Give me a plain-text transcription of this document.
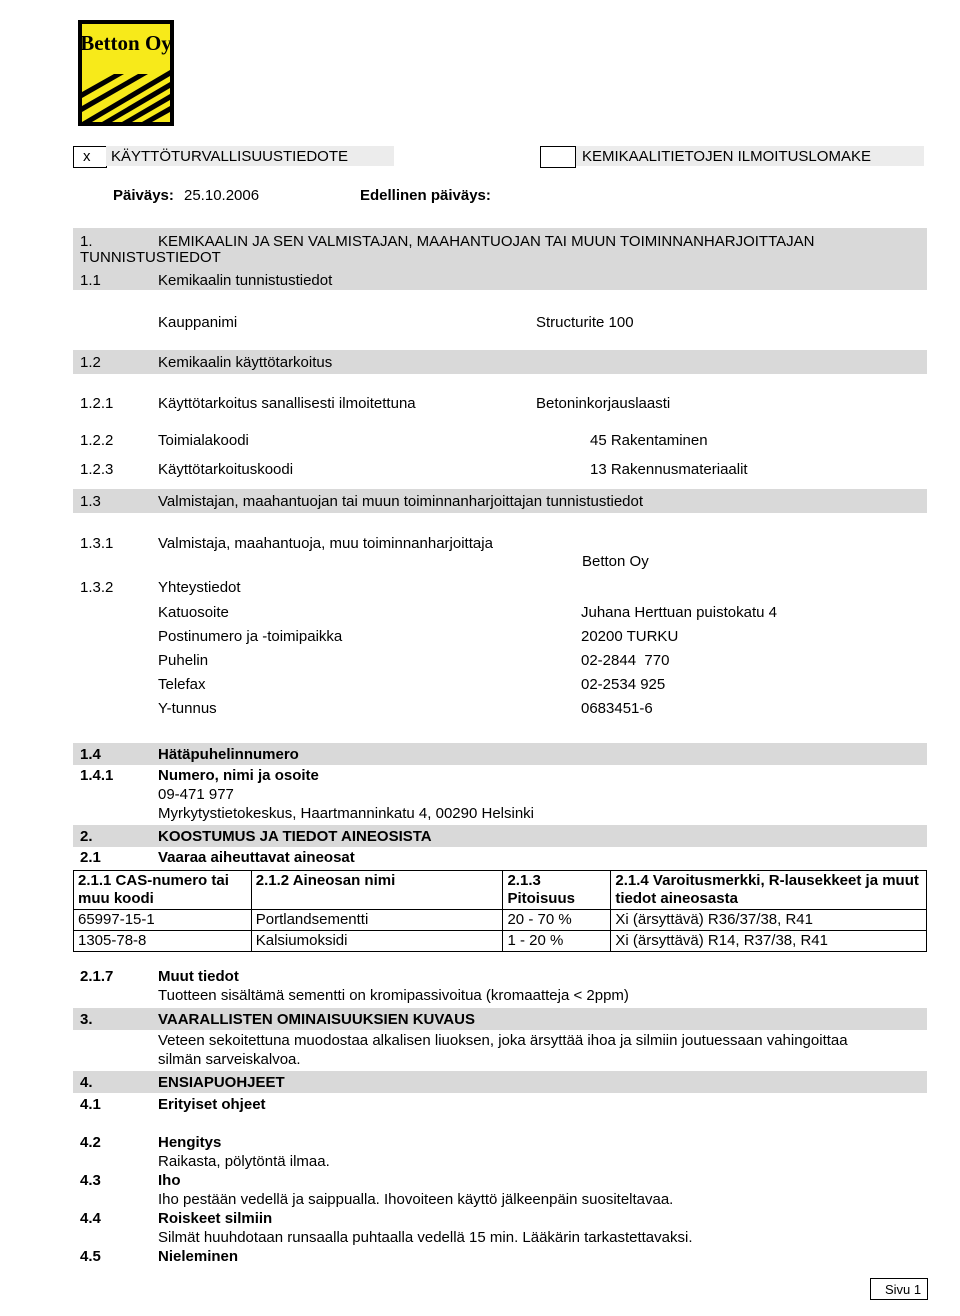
Betton Oy
x KÄYTTÖTURVALLISUUSTIEDOTE	KEMIKAALITIETOJEN ILMOITUSLOMAKE
Päiväys: 25.10.2006	Edellinen päiväys:
1.	KEMIKAALIN JA SEN VALMISTAJAN, MAAHANTUOJAN TAI MUUN TOIMINNANHARJOITTAJAN
TUNNISTUSTIEDOT
1.1	Kemikaalin tunnistustiedot
Kauppanimi	Structurite 100
1.2	Kemikaalin käyttötarkoitus
1.2.1	Käyttötarkoitus sanallisesti ilmoitettuna	Betoninkorjauslaasti
1.2.2	Toimialakoodi	45 Rakentaminen
1.2.3	Käyttötarkoituskoodi	13 Rakennusmateriaalit
1.3	Valmistajan, maahantuojan tai muun toiminnanharjoittajan tunnistustiedot
1.3.1	Valmistaja, maahantuoja, muu toiminnanharjoittaja
Betton Oy
1.3.2	Yhteystiedot
Katuosoite	Juhana Herttuan puistokatu 4
Postinumero ja -toimipaikka	20200 TURKU
Puhelin	02-2844  770
Telefax	02-2534 925
Y-tunnus	0683451-6
1.4	Hätäpuhelinnumero
1.4.1	Numero, nimi ja osoite
09-471 977
Myrkytystietokeskus, Haartmanninkatu 4, 00290 Helsinki
2.	KOOSTUMUS JA TIEDOT AINEOSISTA
2.1	Vaaraa aiheuttavat aineosat
2.1.1 CAS-numero tai muu koodi	2.1.2 Aineosan nimi	2.1.3 Pitoisuus	2.1.4 Varoitusmerkki, R-lausekkeet ja muut tiedot aineosasta
65997-15-1	Portlandsementti	20 - 70 %	Xi (ärsyttävä) R36/37/38, R41
1305-78-8	Kalsiumoksidi	1 - 20 %	Xi (ärsyttävä) R14, R37/38, R41
2.1.7	Muut tiedot
Tuotteen sisältämä sementti on kromipassivoitua (kromaatteja < 2ppm)
3.	VAARALLISTEN OMINAISUUKSIEN KUVAUS
Veteen sekoitettuna muodostaa alkalisen liuoksen, joka ärsyttää ihoa ja silmiin joutuessaan vahingoittaa
silmän sarveiskalvoa.
4.	ENSIAPUOHJEET
4.1	Erityiset ohjeet
4.2	Hengitys
Raikasta, pölytöntä ilmaa.
4.3	Iho
Iho pestään vedellä ja saippualla. Ihovoiteen käyttö jälkeenpäin suositeltavaa.
4.4	Roiskeet silmiin
Silmät huuhdotaan runsaalla puhtaalla vedellä 15 min. Lääkärin tarkastettavaksi.
4.5	Nieleminen
Sivu 1
